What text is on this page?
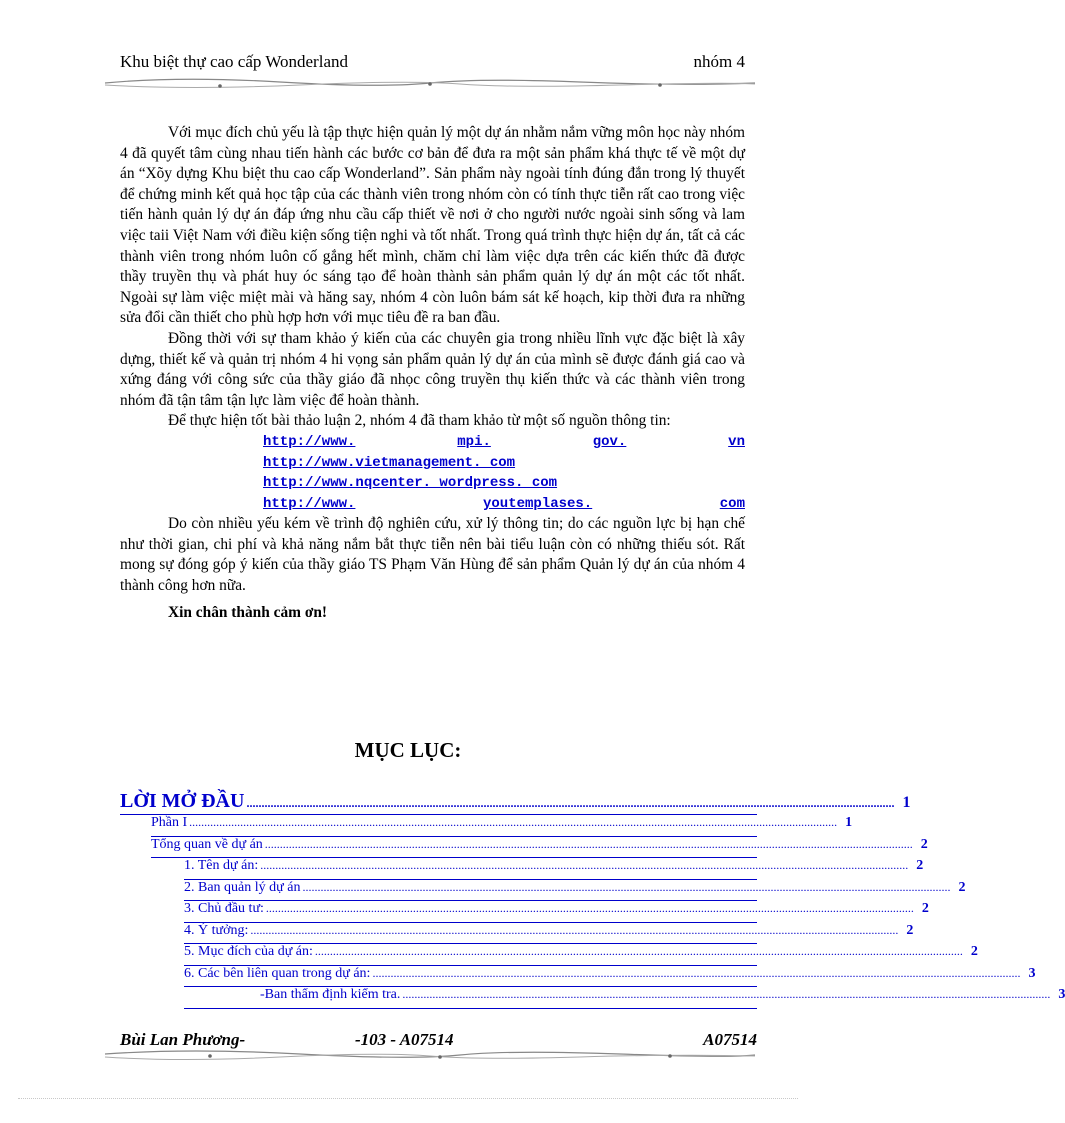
Khu biệt thự cao cấp Wonderland	nhóm 4

Với mục đích chủ yếu là tập thực hiện quản lý một dự án nhằm nắm vững môn học này nhóm 4 đã quyết tâm cùng nhau tiến hành các bước cơ bản để đưa ra một sản phẩm khá thực tế về một dự án “Xõy dựng Khu biệt thu cao cấp Wonderland”. Sản phẩm này ngoài tính đúng đắn trong lý thuyết để chứng minh kết quả học tập của các thành viên trong nhóm còn có tính thực tiễn rất cao trong việc tiến hành quản lý dự án đáp ứng nhu cầu cấp thiết về nơi ở cho người nước ngoài sinh sống và lam việc taii Việt Nam với điều kiện sống tiện nghi và tốt nhất. Trong quá trình thực hiện dự án, tất cả các thành viên trong nhóm luôn cố gắng hết mình, chăm chỉ làm việc dựa trên các kiến thức đã được thầy truyền thụ và phát huy óc sáng tạo để hoàn thành sản phẩm quản lý dự án một các tốt nhất. Ngoài sự làm việc miệt mài và hăng say, nhóm 4 còn luôn bám sát kế hoạch, kip thời đưa ra những sửa đổi cần thiết cho phù hợp hơn với mục tiêu đề ra ban đầu.

Đồng thời với sự tham khảo ý kiến của các chuyên gia trong nhiều lĩnh vực đặc biệt là xây dựng, thiết kế và quản trị nhóm 4 hi vọng sản phẩm quản lý dự án của mình sẽ được đánh giá cao và xứng đáng với công sức của thầy giáo đã nhọc công truyền thụ kiến thức và các thành viên trong nhóm đã tận tâm tận lực làm việc để hoàn thành.

Để thực hiện tốt bài thảo luận 2, nhóm 4 đã tham khảo từ một số nguồn thông tin:

http://www.	mpi.	gov.	vn
http://www.vietmanagement. com
http://www.nqcenter. wordpress. com
http://www.	youtemplases.	com

Do còn nhiều yếu kém về trình độ nghiên cứu, xử lý thông tin; do các nguồn lực bị hạn chế như thời gian, chi phí và khả năng nắm bắt thực tiễn nên bài tiểu luận còn có những thiếu sót. Rất mong sự đóng góp ý kiến của thầy giáo TS Phạm Văn Hùng để sản phẩm Quản lý dự án của nhóm 4 thành công hơn nữa.

Xin chân thành cảm ơn!

MỤC LỤC:
LỜI MỞ ĐẦU ........................................................................................................................................................................................................................ 1
Phần I ........................................................................................................................................................................................................................ 1
Tổng quan về dự án ........................................................................................................................................................................................................................ 2
1. Tên dự án: ........................................................................................................................................................................................................................ 2
2. Ban quản lý dự án ........................................................................................................................................................................................................................ 2
3. Chủ đầu tư: ........................................................................................................................................................................................................................ 2
4. Ý tưởng: ........................................................................................................................................................................................................................ 2
5. Mục đích của dự án: ........................................................................................................................................................................................................................ 2
6. Các bên liên quan trong dự án: ........................................................................................................................................................................................................................ 3
-Ban thẩm định kiểm tra. ........................................................................................................................................................................................................................ 3
Bùi Lan Phương-	-103 - A07514	A07514
